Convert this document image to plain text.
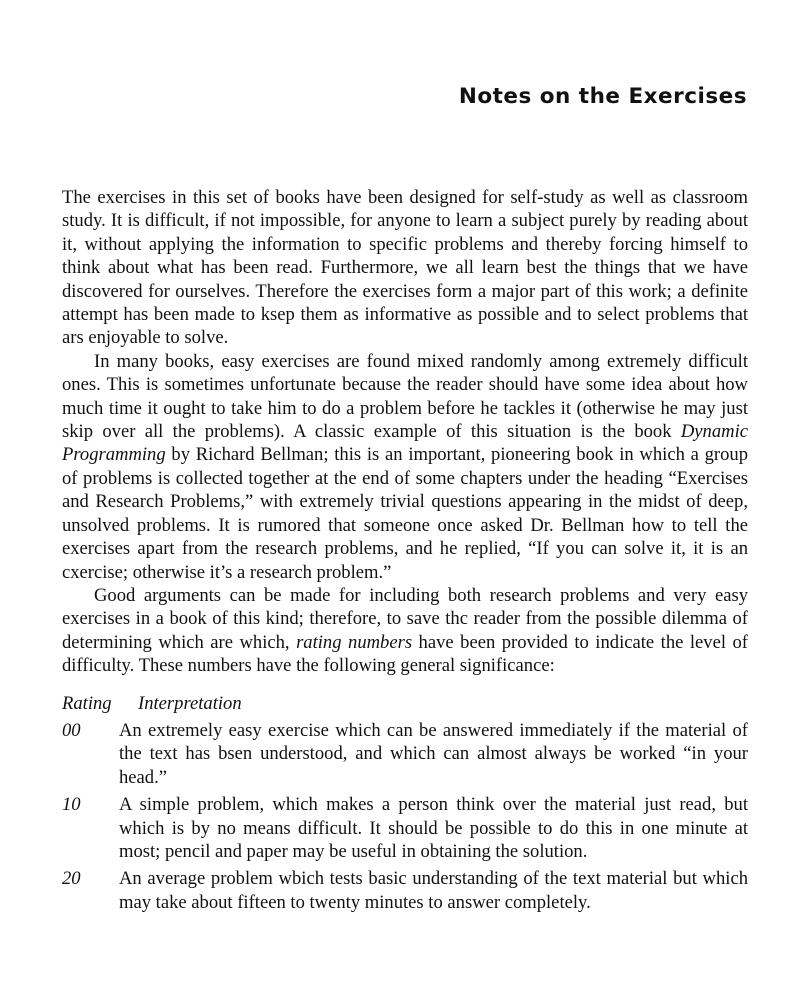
Notes on the Exercises

The exercises in this set of books have been designed for self-study as well as classroom study. It is difficult, if not impossible, for anyone to learn a subject purely by reading about it, without applying the information to specific problems and thereby forcing himself to think about what has been read. Furthermore, we all learn best the things that we have discovered for ourselves. Therefore the exercises form a major part of this work; a definite attempt has been made to ksep them as informative as possible and to select problems that ars enjoyable to solve.

In many books, easy exercises are found mixed randomly among extremely difficult ones. This is sometimes unfortunate because the reader should have some idea about how much time it ought to take him to do a problem before he tackles it (otherwise he may just skip over all the problems). A classic example of this situation is the book Dynamic Programming by Richard Bellman; this is an important, pioneering book in which a group of problems is collected together at the end of some chapters under the heading “Exercises and Research Problems,” with extremely trivial questions appearing in the midst of deep, unsolved problems. It is rumored that someone once asked Dr. Bellman how to tell the exercises apart from the research problems, and he replied, “If you can solve it, it is an cxercise; otherwise it’s a research problem.”

Good arguments can be made for including both research problems and very easy exercises in a book of this kind; therefore, to save thc reader from the possible dilemma of determining which are which, rating numbers have been provided to indicate the level of difficulty. These numbers have the following general significance:

Rating Interpretation
00 An extremely easy exercise which can be answered immediately if the material of the text has bsen understood, and which can almost always be worked “in your head.”
10 A simple problem, which makes a person think over the material just read, but which is by no means difficult. It should be possible to do this in one minute at most; pencil and paper may be useful in obtaining the solution.
20 An average problem wbich tests basic understanding of the text material but which may take about fifteen to twenty minutes to answer completely.
